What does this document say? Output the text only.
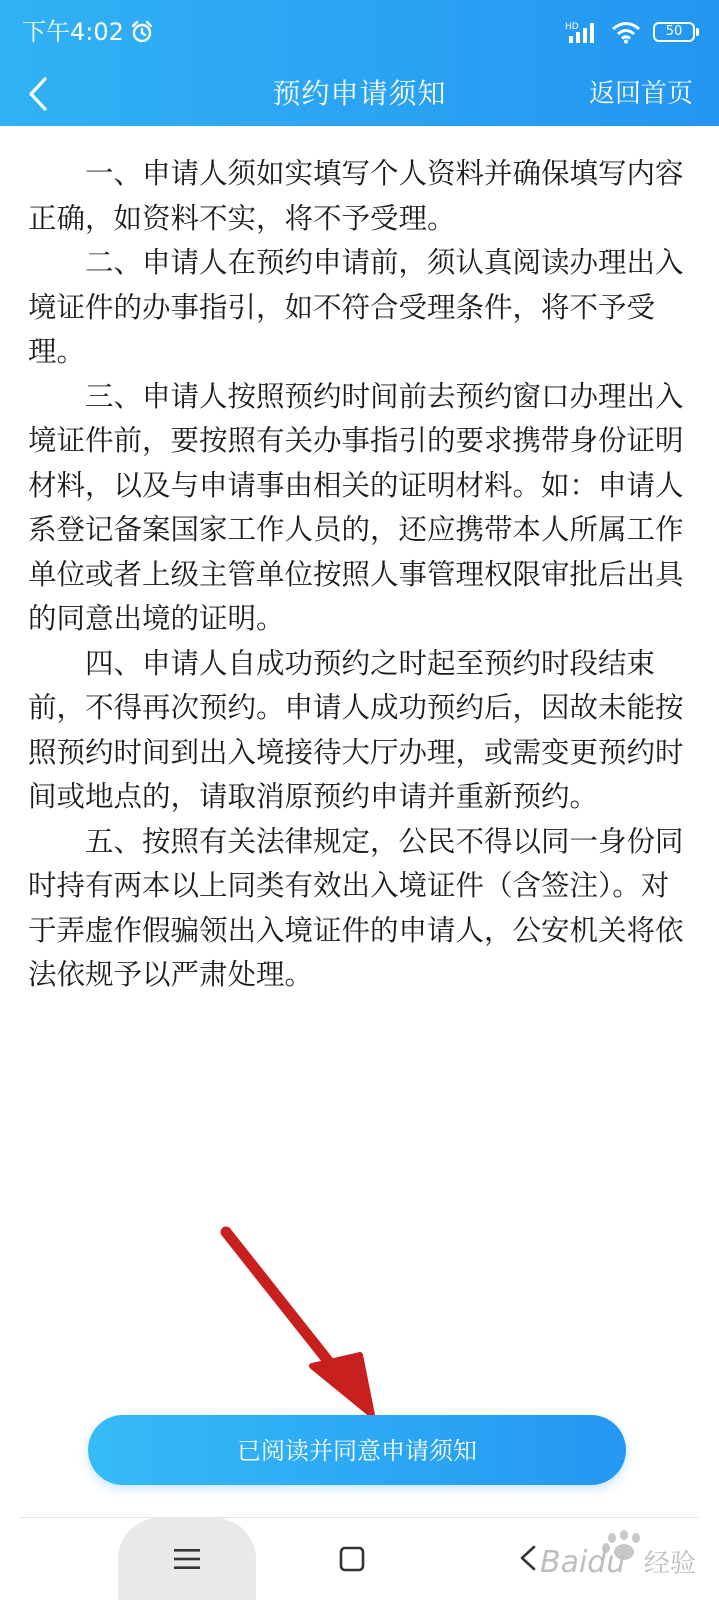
下午4:02	HD	50
预约申请须知	返回首页

一、申请人须如实填写个人资料并确保填写内容正确，如资料不实，将不予受理。

二、申请人在预约申请前，须认真阅读办理出入境证件的办事指引，如不符合受理条件，将不予受理。

三、申请人按照预约时间前去预约窗口办理出入境证件前，要按照有关办事指引的要求携带身份证明材料，以及与申请事由相关的证明材料。如：申请人系登记备案国家工作人员的，还应携带本人所属工作单位或者上级主管单位按照人事管理权限审批后出具的同意出境的证明。

四、申请人自成功预约之时起至预约时段结束前，不得再次预约。申请人成功预约后，因故未能按照预约时间到出入境接待大厅办理，或需变更预约时间或地点的，请取消原预约申请并重新预约。

五、按照有关法律规定，公民不得以同一身份同时持有两本以上同类有效出入境证件（含签注）。对于弄虚作假骗领出入境证件的申请人，公安机关将依法依规予以严肃处理。

已阅读并同意申请须知
Baidu 经验
